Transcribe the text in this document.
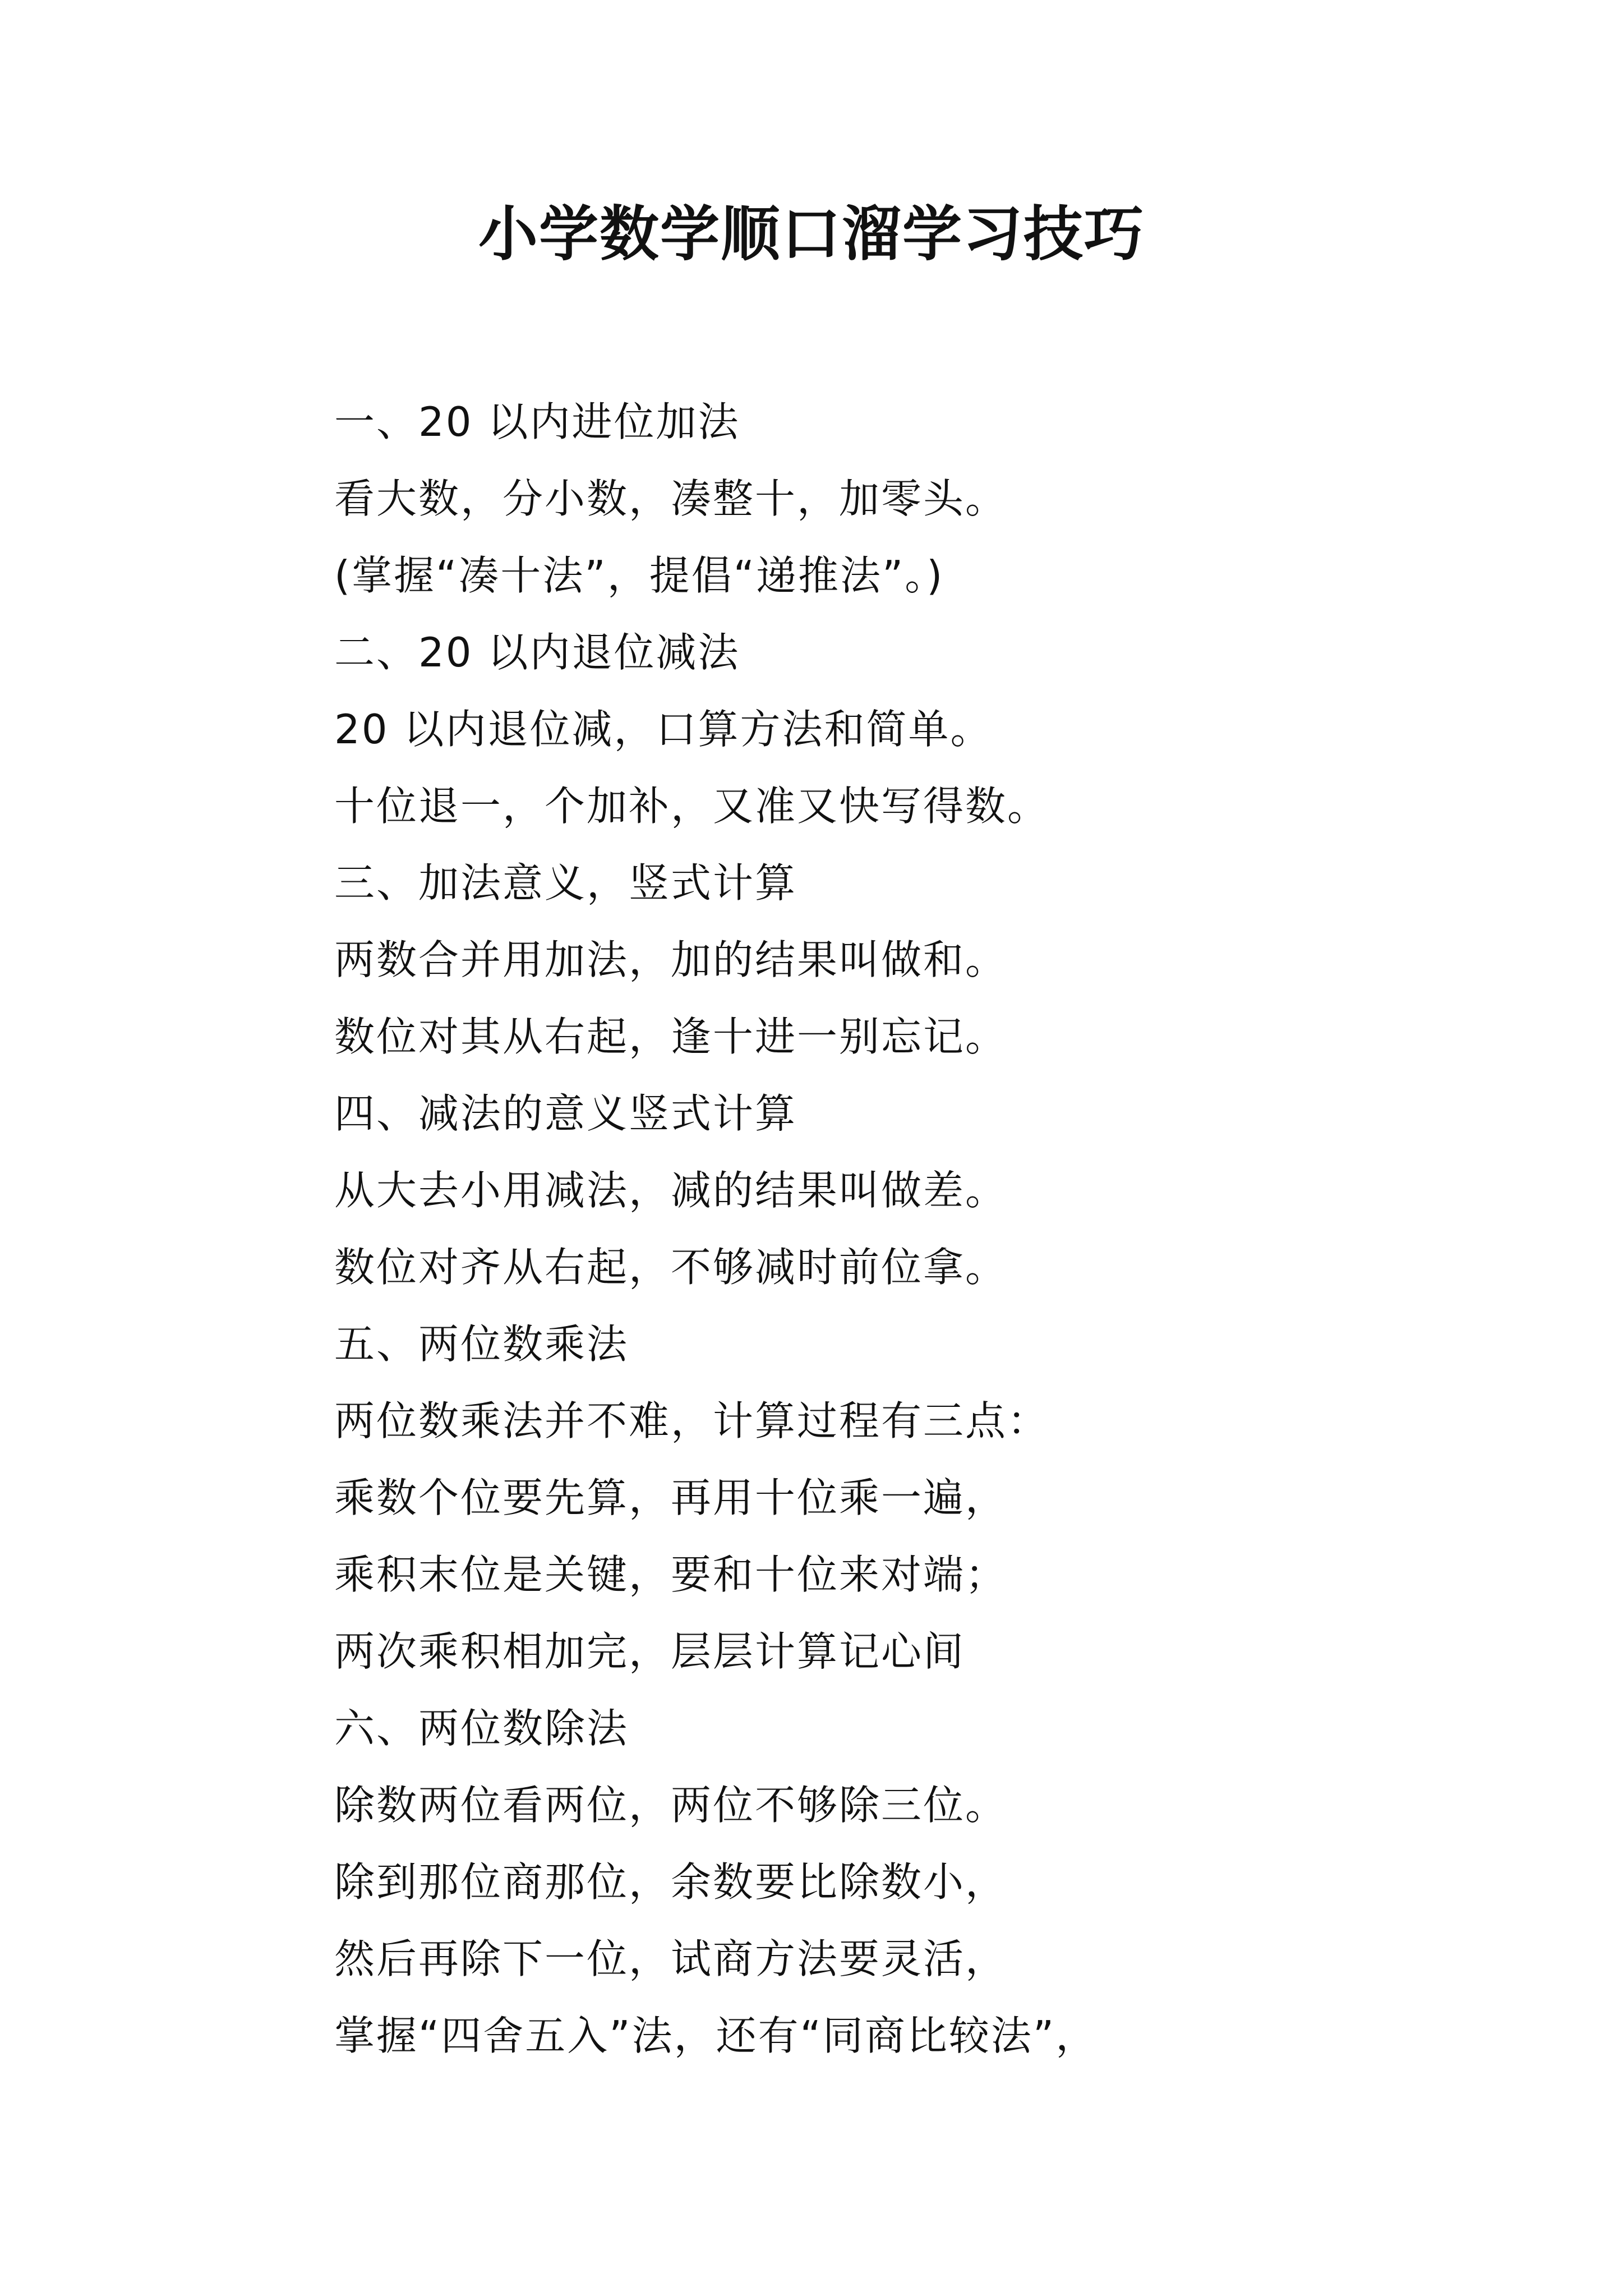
小学数学顺口溜学习技巧
一、20 以内进位加法
看大数，分小数，凑整十，加零头。
(掌握“凑十法”，提倡“递推法”。)
二、20 以内退位减法
20 以内退位减，口算方法和简单。
十位退一，个加补，又准又快写得数。
三、加法意义，竖式计算
两数合并用加法，加的结果叫做和。
数位对其从右起，逢十进一别忘记。
四、减法的意义竖式计算
从大去小用减法，减的结果叫做差。
数位对齐从右起，不够减时前位拿。
五、两位数乘法
两位数乘法并不难，计算过程有三点：
乘数个位要先算，再用十位乘一遍，
乘积末位是关键，要和十位来对端；
两次乘积相加完，层层计算记心间
六、两位数除法
除数两位看两位，两位不够除三位。
除到那位商那位，余数要比除数小，
然后再除下一位，试商方法要灵活，
掌握“四舍五入”法，还有“同商比较法”，
